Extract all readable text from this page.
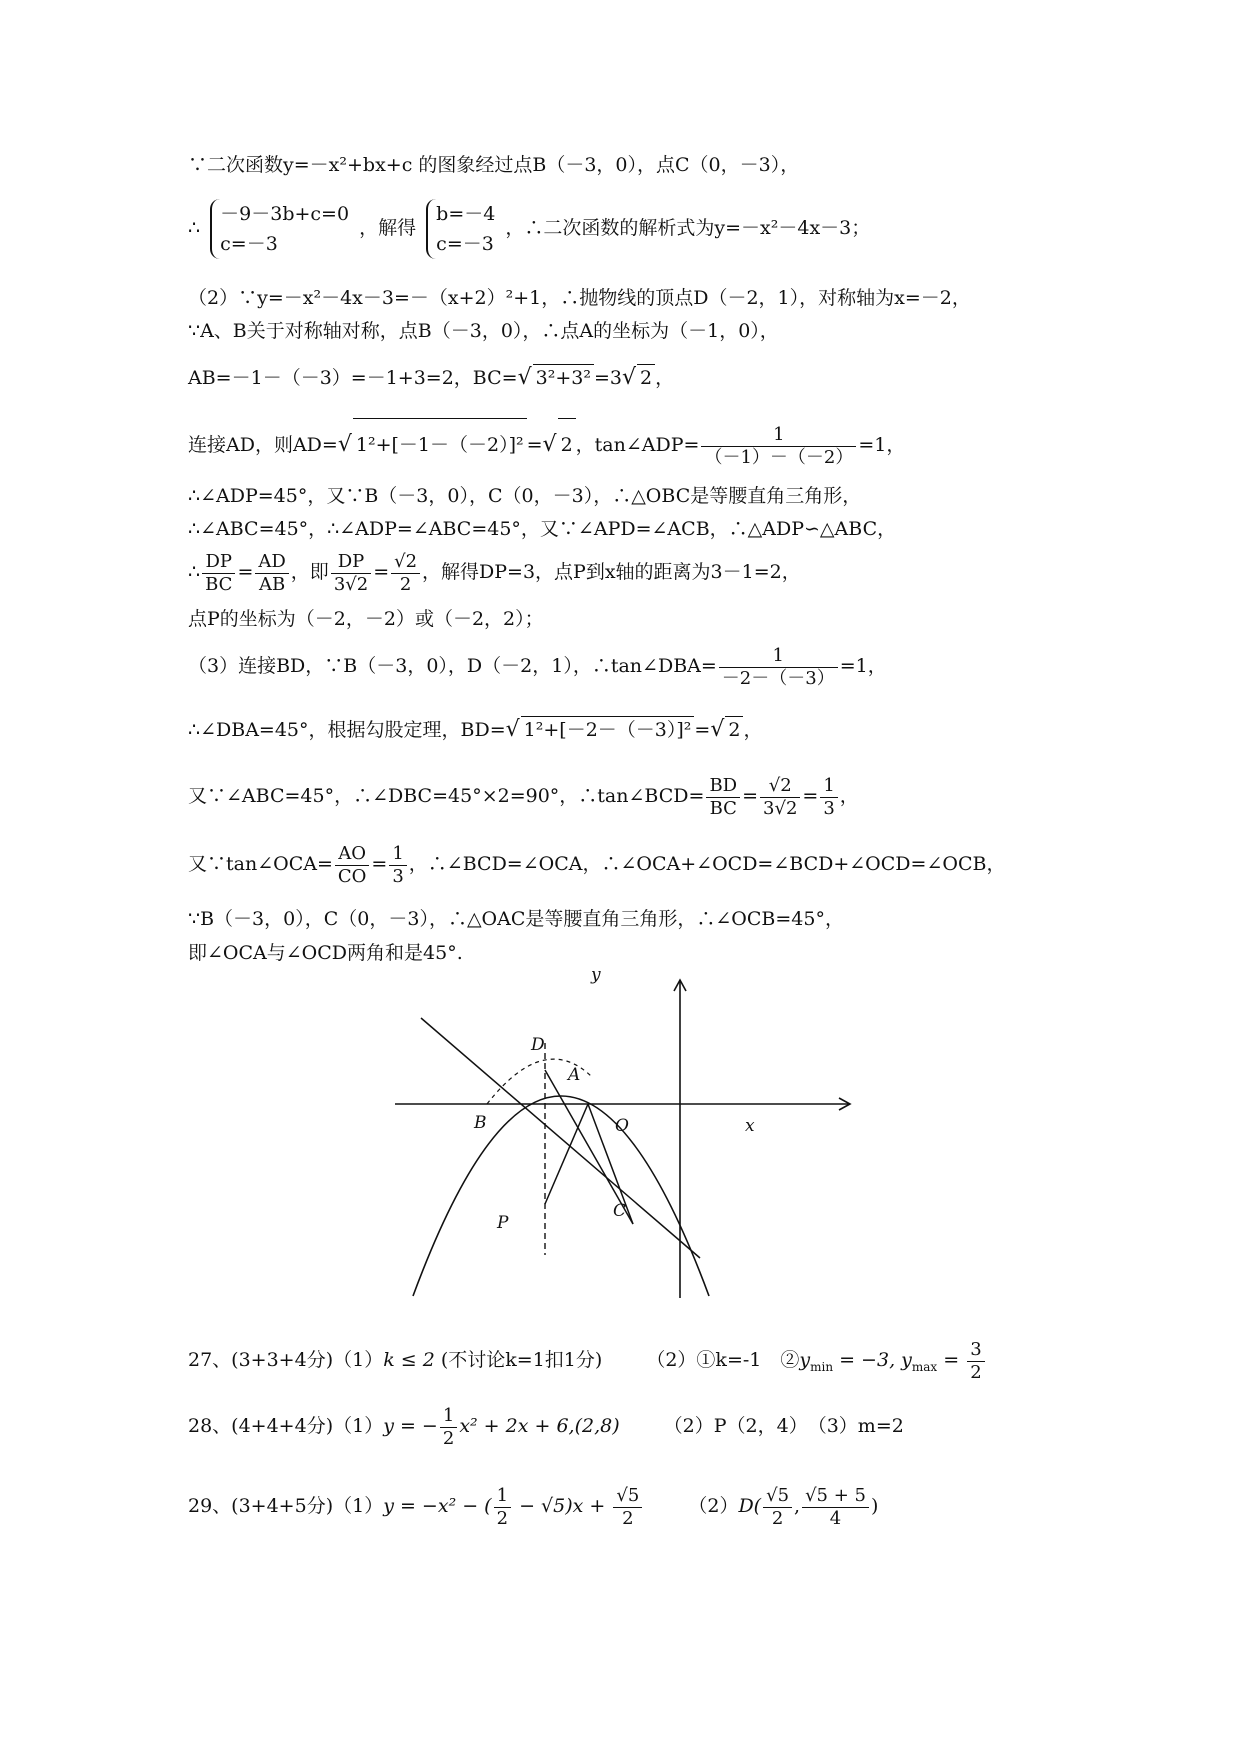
∵二次函数y=－x²+bx+c 的图象经过点B（－3，0），点C（0，－3），
∴
－9－3b+c=0
c=－3
，解得
b=－4
c=－3
，∴二次函数的解析式为y=－x²－4x－3；
（2）∵y=－x²－4x－3=－（x+2）²+1，∴抛物线的顶点D（－2，1），对称轴为x=－2，
∵A、B关于对称轴对称，点B（－3，0），∴点A的坐标为（－1，0），
AB=－1－（－3）=－1+3=2，BC=√ 3²+3² =3√ 2 ，
连接AD，则AD=√ 1²+[－1－（－2）]² =√ 2 ，tan∠ADP= $\frac{1}{(-1)-(-2)} =1$，
∴∠ADP=45°，又∵B（－3，0），C（0，－3），∴△OBC是等腰直角三角形，
∴∠ABC=45°，∴∠ADP=∠ABC=45°，又∵∠APD=∠ACB，∴△ADP∽△ABC，
∴ $\frac{DP}{BC} = \frac{AD}{AB}$ ，即 $\frac{DP}{3√2} = \frac{√2}{2}$ ，解得DP=3，点P到x轴的距离为3－1=2，
点P的坐标为（－2，－2）或（－2，2）；
（3）连接BD，∵B（－3，0），D（－2，1），∴tan∠DBA= $\frac{1}{-2-(-3)} =1$，
∴∠DBA=45°，根据勾股定理，BD=√ 1²+[－2－（－3）]² =√ 2 ，
又∵∠ABC=45°，∴∠DBC=45°×2=90°，∴tan∠BCD= $\frac{BD}{BC} = \frac{√2}{3√2} = \frac{1}{3}$ ，
又∵tan∠OCA= $\frac{AO}{CO} = \frac{1}{3}$ ，∴∠BCD=∠OCA，∴∠OCA+∠OCD=∠BCD+∠OCD=∠OCB，
∵B（－3，0），C（0，－3），∴△OAC是等腰直角三角形，∴∠OCB=45°，
即∠OCA与∠OCD两角和是45°.
y
x
O
D
A
B
C
P
27、(3+3+4分)（1）k ≤ 2 (不讨论k=1扣1分)　　 （2）①k=-1　$②y_{min} = -3$, $y_{max} = \frac{3}{2}$
28、(4+4+4分)（1）y = − $\frac{1}{2} x^2 + 2x + 6,(2,8)$　　 （2）P（2，4）　（3）m=2
29、(3+4+5分)（1）y = −x² − ( $\frac{1}{2} - √5)x + \frac{√5}{2}$
　　 $(2)D( \frac{√5}{2}$ , $\frac{√5 + 5}{4}$ )
